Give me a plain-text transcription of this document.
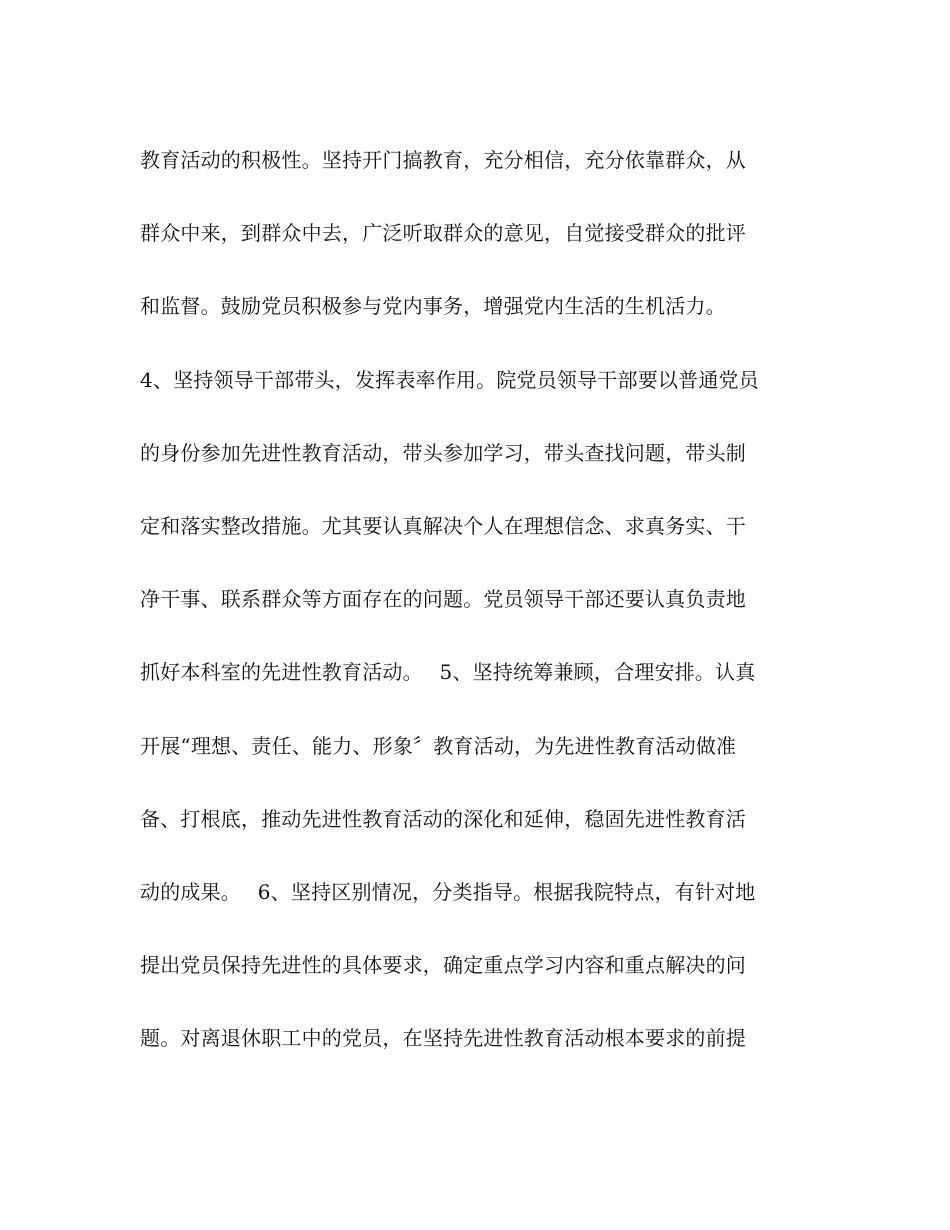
教育活动的积极性。坚持开门搞教育，充分相信，充分依靠群众，从
群众中来，到群众中去，广泛听取群众的意见，自觉接受群众的批评
和监督。鼓励党员积极参与党内事务，增强党内生活的生机活力。
4、坚持领导干部带头，发挥表率作用。院党员领导干部要以普通党员
的身份参加先进性教育活动，带头参加学习，带头查找问题，带头制
定和落实整改措施。尤其要认真解决个人在理想信念、求真务实、干
净干事、联系群众等方面存在的问题。党员领导干部还要认真负责地
抓好本科室的先进性教育活动。　 5、坚持统筹兼顾，合理安排。认真
开展“理想、责任、能力、形象〞教育活动，为先进性教育活动做准
备、打根底，推动先进性教育活动的深化和延伸，稳固先进性教育活
动的成果。　 6、坚持区别情况，分类指导。根据我院特点，有针对地
提出党员保持先进性的具体要求，确定重点学习内容和重点解决的问
题。对离退休职工中的党员，在坚持先进性教育活动根本要求的前提
